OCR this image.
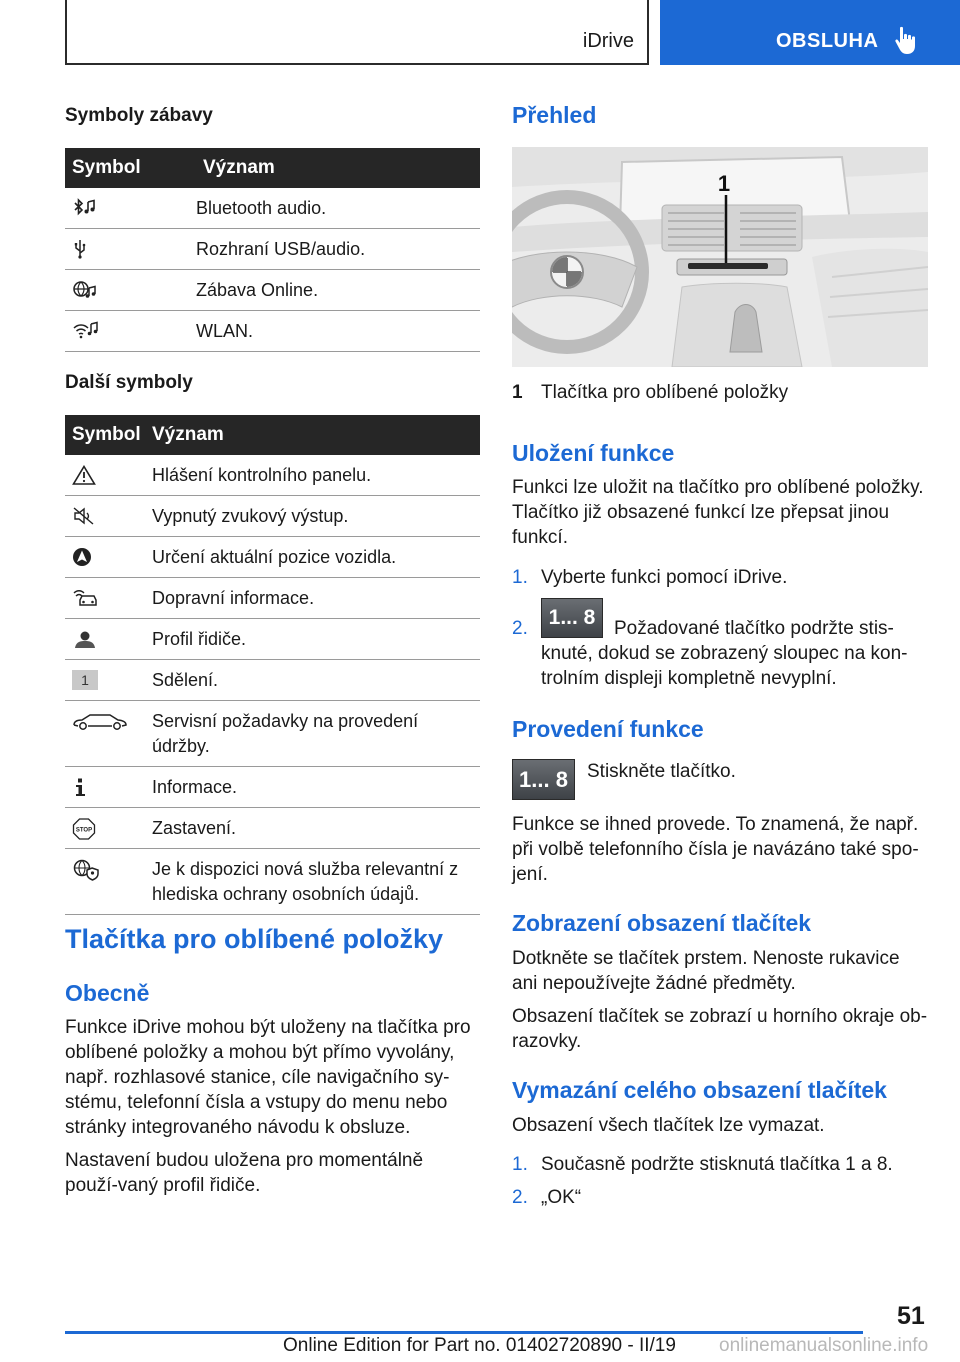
iDrive	OBSLUHA
Symboly zábavy
Symbol	Význam

	Bluetooth audio.

	Rozhraní USB/audio.

	Zábava Online.

	WLAN.
Další symboly
Symbol	Význam

	Hlášení kontrolního panelu.

	Vypnutý zvukový výstup.

	Určení aktuální pozice vozidla.

	Dopravní informace.

	Profil řidiče.

1	Sdělení.

	Servisní požadavky na provedení údržby.

	Informace.

STOP	Zastavení.

	Je k dispozici nová služba relevantní z hlediska ochrany osobních údajů.
Tlačítka pro oblíbené položky
Obecně

Funkce iDrive mohou být uloženy na tlačítka pro oblíbené položky a mohou být přímo vyvolány, např. rozhlasové stanice, cíle navigačního sy-stému, telefonní čísla a vstupy do menu nebo stránky integrovaného návodu k obsluze.

Nastavení budou uložena pro momentálně použí-vaný profil řidiče.

Přehled
1

1 Tlačítka pro oblíbené položky

Uložení funkce

Funkci lze uložit na tlačítko pro oblíbené položky. Tlačítko již obsazené funkcí lze přepsat jinou funkcí.

1. Vyberte funkci pomocí iDrive.
1... 8
2.	Požadované tlačítko podržte stis-knuté, dokud se zobrazený sloupec na kon-trolním displeji kompletně nevyplní.
Provedení funkce
1... 8	Stiskněte tlačítko.

Funkce se ihned provede. To znamená, že např. při volbě telefonního čísla je navázáno také spo-jení.

Zobrazení obsazení tlačítek

Dotkněte se tlačítek prstem. Nenoste rukavice ani nepoužívejte žádné předměty.

Obsazení tlačítek se zobrazí u horního okraje ob-razovky.

Vymazání celého obsazení tlačítek

Obsazení všech tlačítek lze vymazat.

1. Současně podržte stisknutá tlačítka 1 a 8.
2. „OK“
51
Online Edition for Part no. 01402720890 - II/19 onlinemanualsonline.info
